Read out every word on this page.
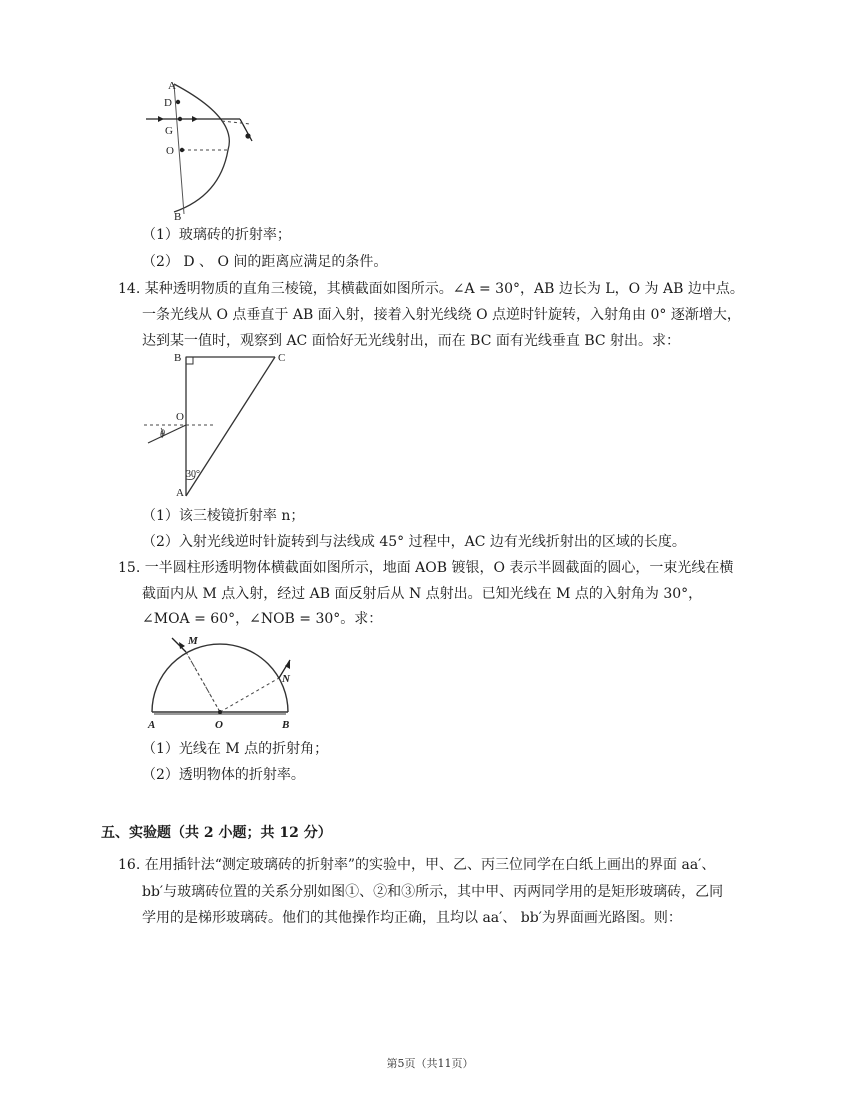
A
D
G
O
B
（1）玻璃砖的折射率；
（2） D 、 O 间的距离应满足的条件。
14. 某种透明物质的直角三棱镜，其横截面如图所示。∠A = 30°，AB 边长为 L，O 为 AB 边中点。
一条光线从 O 点垂直于 AB 面入射，接着入射光线绕 O 点逆时针旋转，入射角由 0° 逐渐增大，
达到某一值时，观察到 AC 面恰好无光线射出，而在 BC 面有光线垂直 BC 射出。求：
B	C
O
θ
30°
A
（1）该三棱镜折射率 n；
（2）入射光线逆时针旋转到与法线成 45° 过程中，AC 边有光线折射出的区域的长度。
15. 一半圆柱形透明物体横截面如图所示，地面 AOB 镀银，O 表示半圆截面的圆心，一束光线在横
截面内从 M 点入射，经过 AB 面反射后从 N 点射出。已知光线在 M 点的入射角为 30°，
∠MOA = 60°，∠NOB = 30°。求：
M
N
A	O	B
（1）光线在 M 点的折射角；
（2）透明物体的折射率。
五、实验题（共 2 小题；共 12 分）
16. 在用插针法“测定玻璃砖的折射率”的实验中，甲、乙、丙三位同学在白纸上画出的界面 aa′、
bb′与玻璃砖位置的关系分别如图①、②和③所示，其中甲、丙两同学用的是矩形玻璃砖，乙同
学用的是梯形玻璃砖。他们的其他操作均正确，且均以 aa′、 bb′为界面画光路图。则：
第5页（共11页）
